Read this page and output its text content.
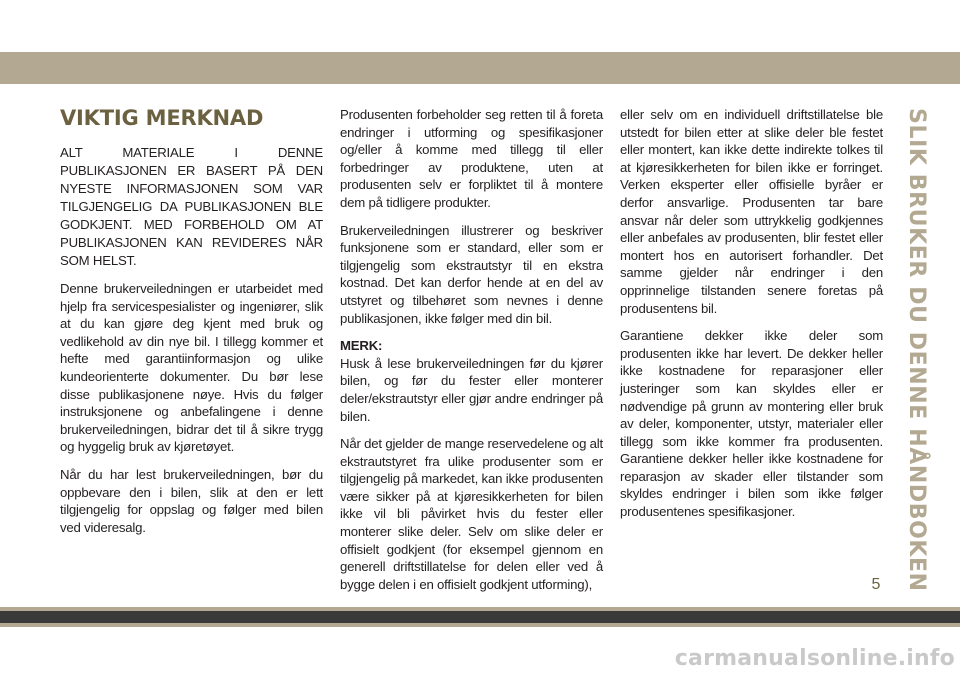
VIKTIG MERKNAD
ALT MATERIALE I DENNE PUBLIKASJONEN ER BASERT PÅ DEN NYESTE INFORMASJONEN SOM VAR TILGJENGELIG DA PUBLIKASJONEN BLE GODKJENT. MED FORBEHOLD OM AT PUBLIKASJONEN KAN REVIDERES NÅR SOM HELST.

Denne brukerveiledningen er utarbeidet med hjelp fra servicespesialister og ingeniører, slik at du kan gjøre deg kjent med bruk og vedlikehold av din nye bil. I tillegg kommer et hefte med garantiinformasjon og ulike kundeorienterte dokumenter. Du bør lese disse publikasjonene nøye. Hvis du følger instruksjonene og anbefalingene i denne brukerveiledningen, bidrar det til å sikre trygg og hyggelig bruk av kjøretøyet.

Når du har lest brukerveiledningen, bør du oppbevare den i bilen, slik at den er lett tilgjengelig for oppslag og følger med bilen ved videresalg.

Produsenten forbeholder seg retten til å foreta endringer i utforming og spesifikasjoner og/eller å komme med tillegg til eller forbedringer av produktene, uten at produsenten selv er forpliktet til å montere dem på tidligere produkter.

Brukerveiledningen illustrerer og beskriver funksjonene som er standard, eller som er tilgjengelig som ekstrautstyr til en ekstra kostnad. Det kan derfor hende at en del av utstyret og tilbehøret som nevnes i denne publikasjonen, ikke følger med din bil.

MERK:
Husk å lese brukerveiledningen før du kjører bilen, og før du fester eller monterer deler/ekstrautstyr eller gjør andre endringer på bilen.

Når det gjelder de mange reservedelene og alt ekstrautstyret fra ulike produsenter som er tilgjengelig på markedet, kan ikke produsenten være sikker på at kjøresikkerheten for bilen ikke vil bli påvirket hvis du fester eller monterer slike deler. Selv om slike deler er offisielt godkjent (for eksempel gjennom en generell driftstillatelse for delen eller ved å bygge delen i en offisielt godkjent utforming),

eller selv om en individuell driftstillatelse ble utstedt for bilen etter at slike deler ble festet eller montert, kan ikke dette indirekte tolkes til at kjøresikkerheten for bilen ikke er forringet. Verken eksperter eller offisielle byråer er derfor ansvarlige. Produsenten tar bare ansvar når deler som uttrykkelig godkjennes eller anbefales av produsenten, blir festet eller montert hos en autorisert forhandler. Det samme gjelder når endringer i den opprinnelige tilstanden senere foretas på produsentens bil.

Garantiene dekker ikke deler som produsenten ikke har levert. De dekker heller ikke kostnadene for reparasjoner eller justeringer som kan skyldes eller er nødvendige på grunn av montering eller bruk av deler, komponenter, utstyr, materialer eller tillegg som ikke kommer fra produsenten. Garantiene dekker heller ikke kostnadene for reparasjon av skader eller tilstander som skyldes endringer i bilen som ikke følger produsentenes spesifikasjoner.	SLIK BRUKER DU DENNE HÅNDBOKEN
5
carmanualsonline.info
